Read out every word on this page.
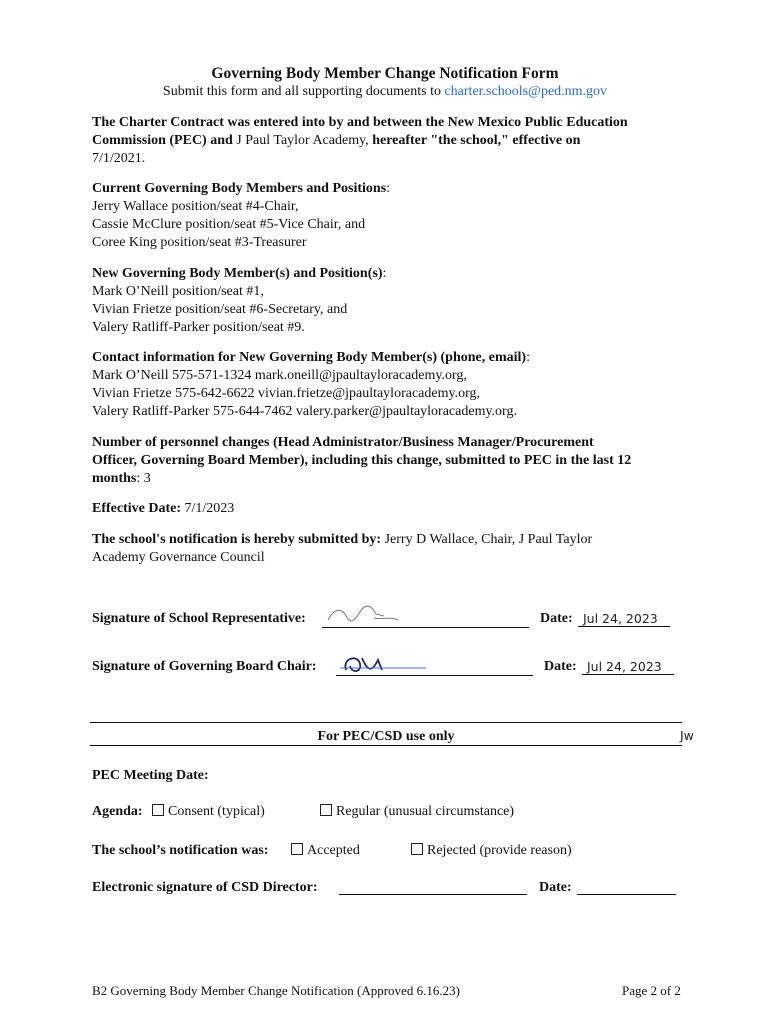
Governing Body Member Change Notification Form
Submit this form and all supporting documents to charter.schools@ped.nm.gov
The Charter Contract was entered into by and between the New Mexico Public Education
Commission (PEC) and J Paul Taylor Academy, hereafter "the school," effective on
7/1/2021.
Current Governing Body Members and Positions:
Jerry Wallace position/seat #4-Chair,
Cassie McClure position/seat #5-Vice Chair, and
Coree King position/seat #3-Treasurer
New Governing Body Member(s) and Position(s):
Mark O’Neill position/seat #1,
Vivian Frietze position/seat #6-Secretary, and
Valery Ratliff-Parker position/seat #9.
Contact information for New Governing Body Member(s) (phone, email):
Mark O’Neill 575-571-1324 mark.oneill@jpaultayloracademy.org,
Vivian Frietze 575-642-6622 vivian.frietze@jpaultayloracademy.org,
Valery Ratliff-Parker 575-644-7462 valery.parker@jpaultayloracademy.org.
Number of personnel changes (Head Administrator/Business Manager/Procurement
Officer, Governing Board Member), including this change, submitted to PEC in the last 12
months: 3
Effective Date: 7/1/2023
The school's notification is hereby submitted by: Jerry D Wallace, Chair, J Paul Taylor
Academy Governance Council
Signature of School Representative:	Date: Jul 24, 2023
Signature of Governing Board Chair:	Date: Jul 24, 2023
For PEC/CSD use only	Jw
PEC Meeting Date:
Agenda:	Consent (typical)	Regular (unusual circumstance)
The school’s notification was:	Accepted	Rejected (provide reason)
Electronic signature of CSD Director:	Date:
B2 Governing Body Member Change Notification (Approved 6.16.23)	Page 2 of 2
